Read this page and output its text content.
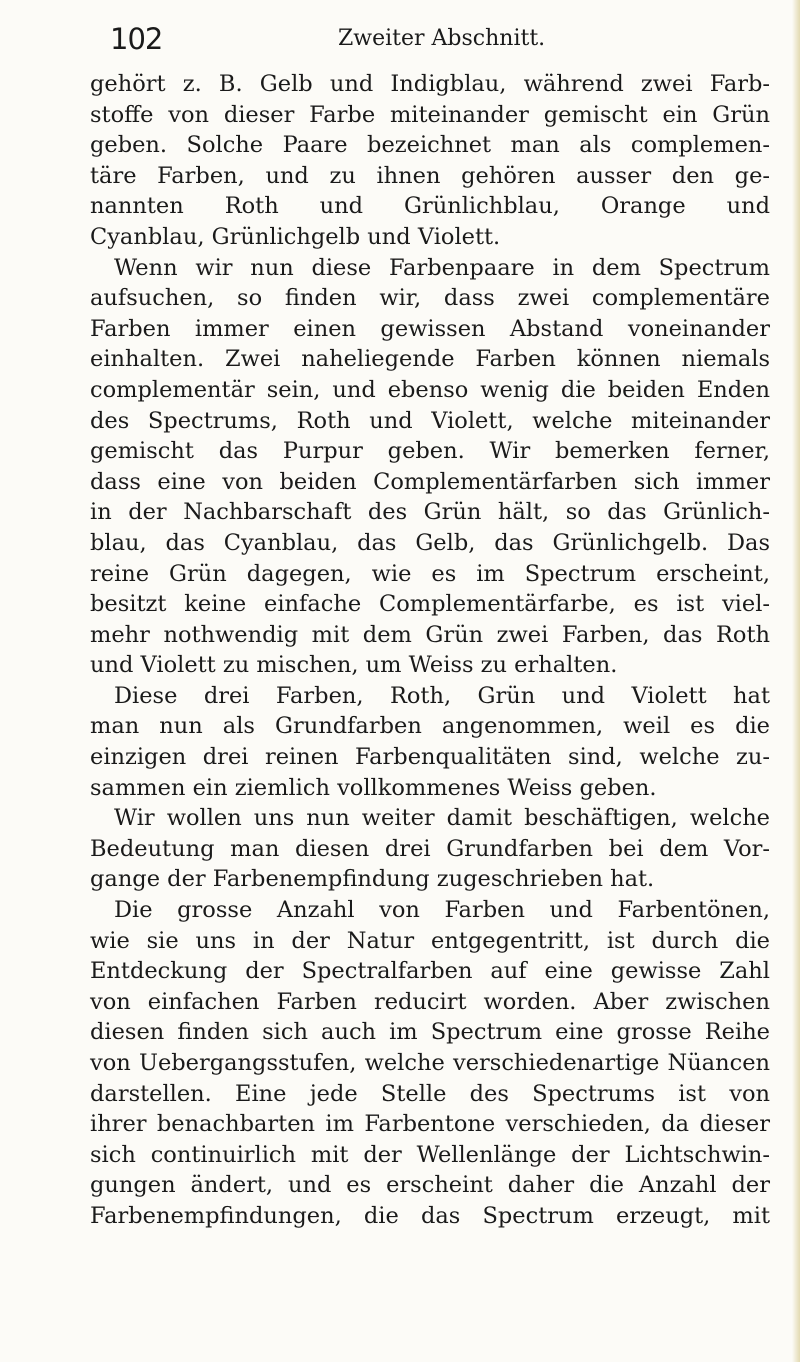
102	Zweiter Abschnitt.
gehört z. B. Gelb und Indigblau, während zwei Farb-
stoffe von dieser Farbe miteinander gemischt ein Grün
geben. Solche Paare bezeichnet man als complemen-
täre Farben, und zu ihnen gehören ausser den ge-
nannten Roth und Grünlichblau, Orange und
Cyanblau, Grünlichgelb und Violett.
Wenn wir nun diese Farbenpaare in dem Spectrum
aufsuchen, so finden wir, dass zwei complementäre
Farben immer einen gewissen Abstand voneinander
einhalten. Zwei naheliegende Farben können niemals
complementär sein, und ebenso wenig die beiden Enden
des Spectrums, Roth und Violett, welche miteinander
gemischt das Purpur geben. Wir bemerken ferner,
dass eine von beiden Complementärfarben sich immer
in der Nachbarschaft des Grün hält, so das Grünlich-
blau, das Cyanblau, das Gelb, das Grünlichgelb. Das
reine Grün dagegen, wie es im Spectrum erscheint,
besitzt keine einfache Complementärfarbe, es ist viel-
mehr nothwendig mit dem Grün zwei Farben, das Roth
und Violett zu mischen, um Weiss zu erhalten.
Diese drei Farben, Roth, Grün und Violett hat
man nun als Grundfarben angenommen, weil es die
einzigen drei reinen Farbenqualitäten sind, welche zu-
sammen ein ziemlich vollkommenes Weiss geben.
Wir wollen uns nun weiter damit beschäftigen, welche
Bedeutung man diesen drei Grundfarben bei dem Vor-
gange der Farbenempfindung zugeschrieben hat.
Die grosse Anzahl von Farben und Farbentönen,
wie sie uns in der Natur entgegentritt, ist durch die
Entdeckung der Spectralfarben auf eine gewisse Zahl
von einfachen Farben reducirt worden. Aber zwischen
diesen finden sich auch im Spectrum eine grosse Reihe
von Uebergangsstufen, welche verschiedenartige Nüancen
darstellen. Eine jede Stelle des Spectrums ist von
ihrer benachbarten im Farbentone verschieden, da dieser
sich continuirlich mit der Wellenlänge der Lichtschwin-
gungen ändert, und es erscheint daher die Anzahl der
Farbenempfindungen, die das Spectrum erzeugt, mit
